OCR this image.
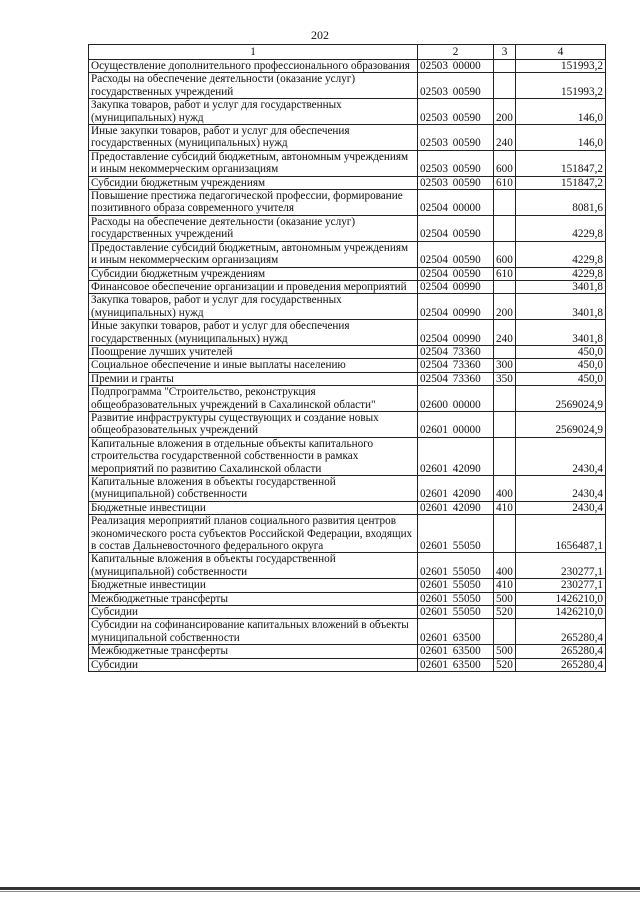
202
1	2	3	4
Осуществление дополнительного профессионального образования	02503 00000		151993,2
Расходы на обеспечение деятельности (оказание услуг) государственных учреждений	02503 00590		151993,2
Закупка товаров, работ и услуг для государственных (муниципальных) нужд	02503 00590	200	146,0
Иные закупки товаров, работ и услуг для обеспечения государственных (муниципальных) нужд	02503 00590	240	146,0
Предоставление субсидий бюджетным, автономным учреждениям и иным некоммерческим организациям	02503 00590	600	151847,2
Субсидии бюджетным учреждениям	02503 00590	610	151847,2
Повышение престижа педагогической профессии, формирование позитивного образа современного учителя	02504 00000		8081,6
Расходы на обеспечение деятельности (оказание услуг) государственных учреждений	02504 00590		4229,8
Предоставление субсидий бюджетным, автономным учреждениям и иным некоммерческим организациям	02504 00590	600	4229,8
Субсидии бюджетным учреждениям	02504 00590	610	4229,8
Финансовое обеспечение организации и проведения мероприятий	02504 00990		3401,8
Закупка товаров, работ и услуг для государственных (муниципальных) нужд	02504 00990	200	3401,8
Иные закупки товаров, работ и услуг для обеспечения государственных (муниципальных) нужд	02504 00990	240	3401,8
Поощрение лучших учителей	02504 73360		450,0
Социальное обеспечение и иные выплаты населению	02504 73360	300	450,0
Премии и гранты	02504 73360	350	450,0
Подпрограмма "Строительство, реконструкция общеобразовательных учреждений в Сахалинской области"	02600 00000		2569024,9
Развитие инфраструктуры существующих и создание новых общеобразовательных учреждений	02601 00000		2569024,9
Капитальные вложения в отдельные объекты капитального строительства государственной собственности в рамках мероприятий по развитию Сахалинской области	02601 42090		2430,4
Капитальные вложения в объекты государственной (муниципальной) собственности	02601 42090	400	2430,4
Бюджетные инвестиции	02601 42090	410	2430,4
Реализация мероприятий планов социального развития центров экономического роста субъектов Российской Федерации, входящих в состав Дальневосточного федерального округа	02601 55050		1656487,1
Капитальные вложения в объекты государственной (муниципальной) собственности	02601 55050	400	230277,1
Бюджетные инвестиции	02601 55050	410	230277,1
Межбюджетные трансферты	02601 55050	500	1426210,0
Субсидии	02601 55050	520	1426210,0
Субсидии на софинансирование капитальных вложений в объекты муниципальной собственности	02601 63500		265280,4
Межбюджетные трансферты	02601 63500	500	265280,4
Субсидии	02601 63500	520	265280,4
